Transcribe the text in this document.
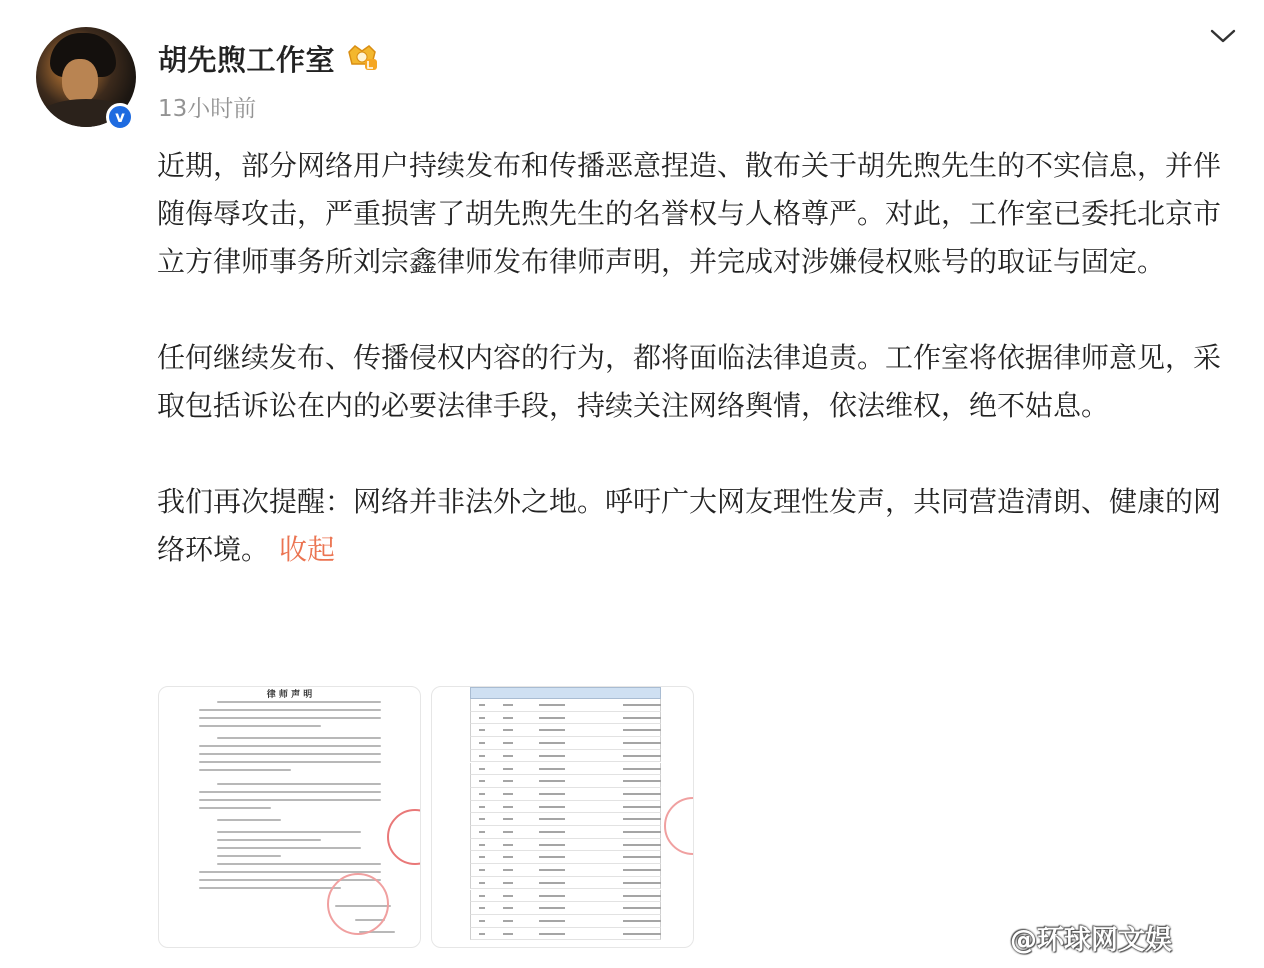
v
胡先煦工作室
13小时前

近期，部分网络用户持续发布和传播恶意捏造、散布关于胡先煦先生的不实信息，并伴随侮辱攻击，严重损害了胡先煦先生的名誉权与人格尊严。对此，工作室已委托北京市立方律师事务所刘宗鑫律师发布律师声明，并完成对涉嫌侵权账号的取证与固定。

任何继续发布、传播侵权内容的行为，都将面临法律追责。工作室将依据律师意见，采取包括诉讼在内的必要法律手段，持续关注网络舆情，依法维权，绝不姑息。

我们再次提醒：网络并非法外之地。呼吁广大网友理性发声，共同营造清朗、健康的网络环境。 收起

律 师 声 明
@环球网文娱
